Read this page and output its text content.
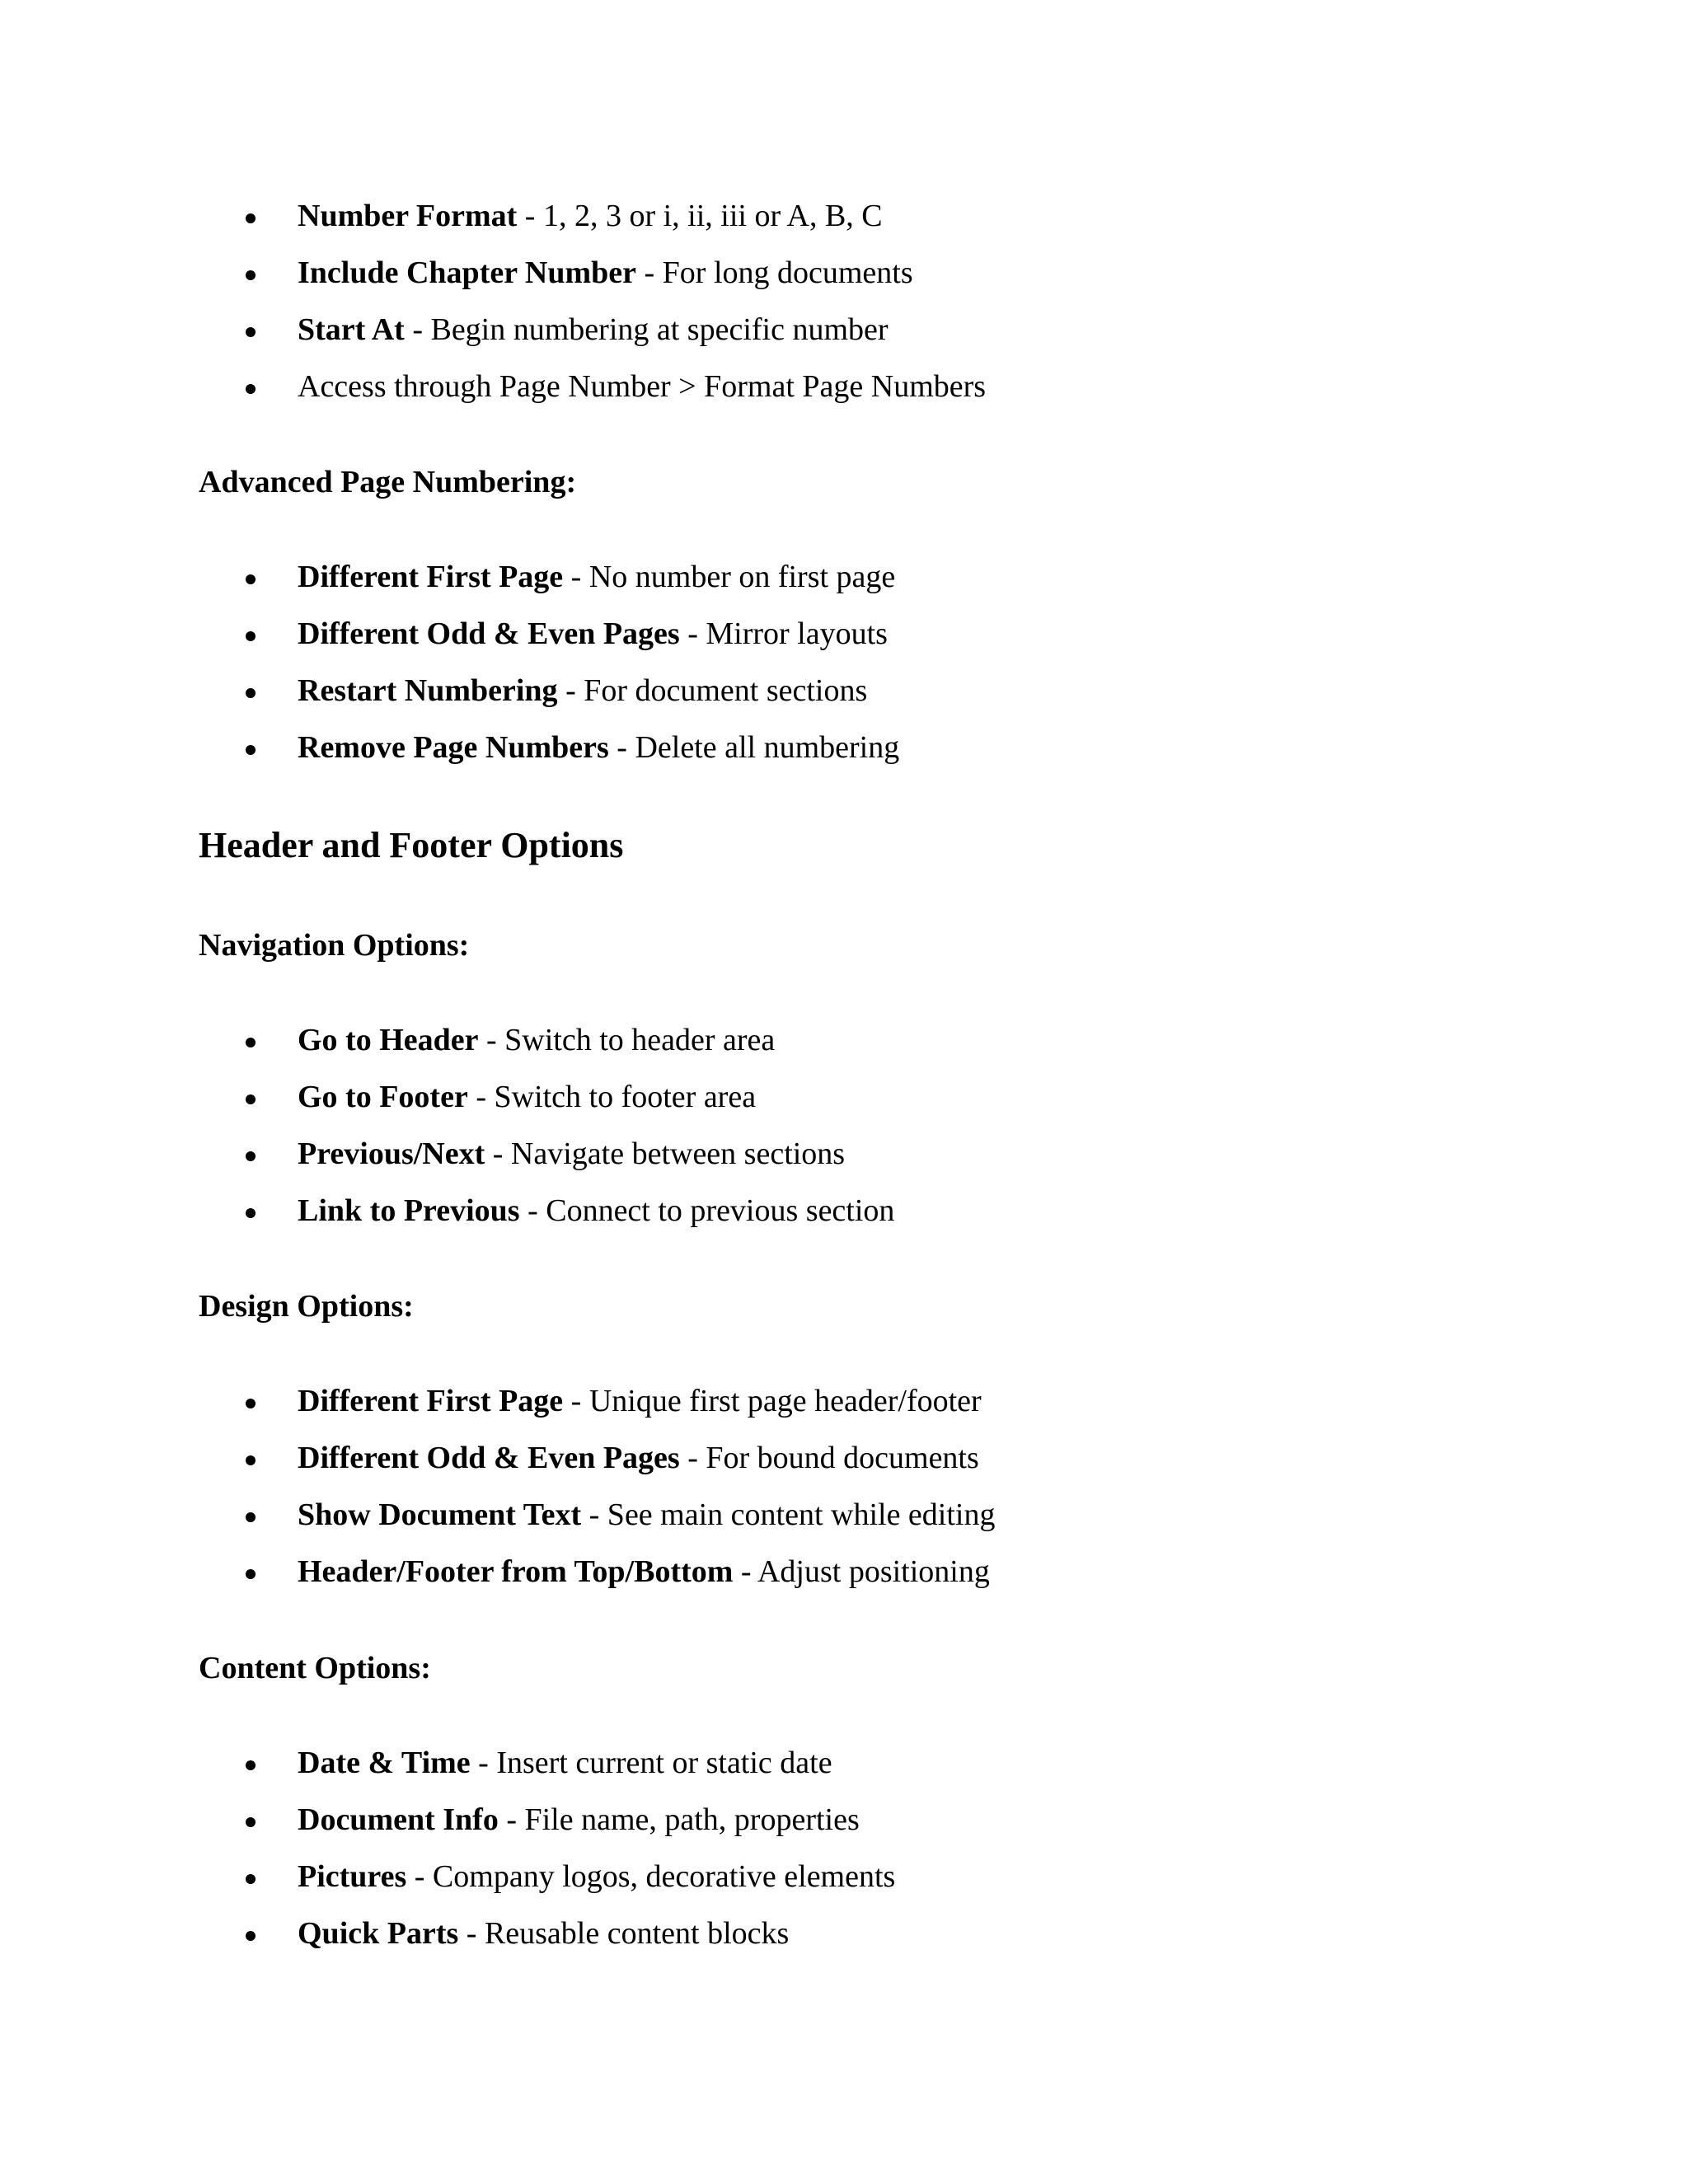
Number Format - 1, 2, 3 or i, ii, iii or A, B, C
Include Chapter Number - For long documents
Start At - Begin numbering at specific number
Access through Page Number > Format Page Numbers

Advanced Page Numbering:

Different First Page - No number on first page
Different Odd & Even Pages - Mirror layouts
Restart Numbering - For document sections
Remove Page Numbers - Delete all numbering
Header and Footer Options

Navigation Options:

Go to Header - Switch to header area
Go to Footer - Switch to footer area
Previous/Next - Navigate between sections
Link to Previous - Connect to previous section

Design Options:

Different First Page - Unique first page header/footer
Different Odd & Even Pages - For bound documents
Show Document Text - See main content while editing
Header/Footer from Top/Bottom - Adjust positioning

Content Options:

Date & Time - Insert current or static date
Document Info - File name, path, properties
Pictures - Company logos, decorative elements
Quick Parts - Reusable content blocks
